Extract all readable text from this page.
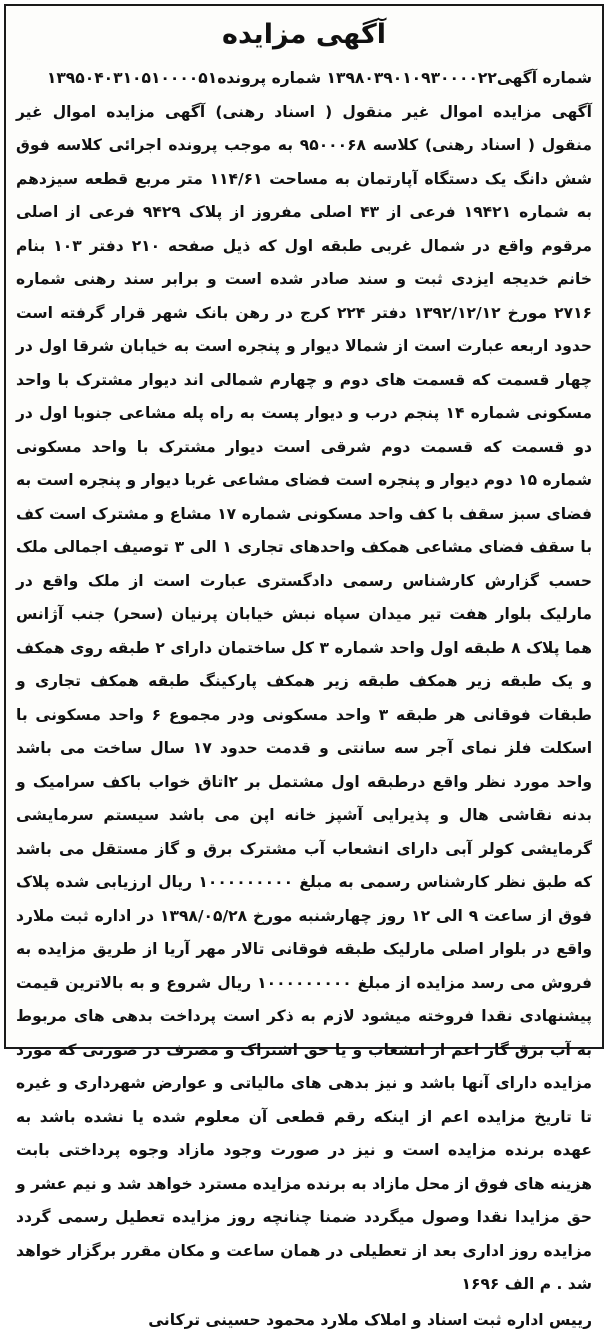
آگهی مزایده
شماره آگهی۱۳۹۸۰۳۹۰۱۰۹۳۰۰۰۰۲۲ شماره پرونده۱۳۹۵۰۴۰۳۱۰۵۱۰۰۰۰۵۱

آگهی مزایده اموال غیر منقول ( اسناد رهنی) آگهی مزایده اموال غیر منقول ( اسناد رهنی) کلاسه ۹۵۰۰۰۶۸ به موجب پرونده اجرائی کلاسه فوق شش دانگ یک دستگاه آپارتمان به مساحت ۱۱۴/۶۱ متر مربع قطعه سیزدهم به شماره ۱۹۴۲۱ فرعی از ۴۳ اصلی مفروز از پلاک ۹۴۲۹ فرعی از اصلی مرقوم واقع در شمال غربی طبقه اول که ذیل صفحه ۲۱۰ دفتر ۱۰۳ بنام خانم خدیجه ایزدی ثبت و سند صادر شده است و برابر سند رهنی شماره ۲۷۱۶ مورخ ۱۳۹۲/۱۲/۱۲ دفتر ۲۲۴ کرج در رهن بانک شهر قرار گرفته است حدود اربعه عبارت است از شمالا دیوار و پنجره است به خیابان شرقا اول در چهار قسمت که قسمت های دوم و چهارم شمالی اند دیوار مشترک با واحد مسکونی شماره ۱۴ پنجم درب و دیوار پست به راه پله مشاعی جنوبا اول در دو قسمت که قسمت دوم شرقی است دیوار مشترک با واحد مسکونی شماره ۱۵ دوم دیوار و پنجره است فضای مشاعی غربا دیوار و پنجره است به فضای سبز سقف با کف واحد مسکونی شماره ۱۷ مشاع و مشترک است کف با سقف فضای مشاعی همکف واحدهای تجاری ۱ الی ۳ توصیف اجمالی ملک حسب گزارش کارشناس رسمی دادگستری عبارت است از ملک واقع در مارلیک بلوار هفت تیر میدان سپاه نبش خیابان پرنیان (سحر) جنب آژانس هما پلاک ۸ طبقه اول واحد شماره ۳ کل ساختمان دارای ۲ طبقه روی همکف و یک طبقه زیر همکف طبقه زیر همکف پارکینگ طبقه همکف تجاری و طبقات فوقانی هر طبقه ۳ واحد مسکونی ودر مجموع ۶ واحد مسکونی با اسکلت فلز نمای آجر سه سانتی و قدمت حدود ۱۷ سال ساخت می باشد واحد مورد نظر واقع درطبقه اول مشتمل بر ۲اتاق خواب باکف سرامیک و بدنه نقاشی هال و پذیرایی آشپز خانه اپن می باشد سیستم سرمایشی گرمایشی کولر آبی دارای انشعاب آب مشترک برق و گاز مستقل می باشد که طبق نظر کارشناس رسمی به مبلغ ۱۰۰۰۰۰۰۰۰۰ ریال ارزیابی شده پلاک فوق از ساعت ۹ الی ۱۲ روز چهارشنبه مورخ ۱۳۹۸/۰۵/۲۸ در اداره ثبت ملارد واقع در بلوار اصلی مارلیک طبقه فوقانی تالار مهر آریا از طریق مزایده به فروش می رسد مزایده از مبلغ ۱۰۰۰۰۰۰۰۰۰ ریال شروع و به بالاترین قیمت پیشنهادی نقدا فروخته میشود لازم به ذکر است پرداخت بدهی های مربوط به آب برق گاز اعم از انشعاب و یا حق اشتراک و مصرف در صورتی که مورد مزایده دارای آنها باشد و نیز بدهی های مالیاتی و عوارض شهرداری و غیره تا تاریخ مزایده اعم از اینکه رقم قطعی آن معلوم شده یا نشده باشد به عهده برنده مزایده است و نیز در صورت وجود مازاد وجوه پرداختی بابت هزینه های فوق از محل مازاد به برنده مزایده مسترد خواهد شد و نیم عشر و حق مزایدا نقدا وصول میگردد ضمنا چنانچه روز مزایده تعطیل رسمی گردد مزایده روز اداری بعد از تعطیلی در همان ساعت و مکان مقرر برگزار خواهد شد . م الف ۱۶۹۶

رییس اداره ثبت اسناد و املاک ملارد محمود حسینی ترکانی
